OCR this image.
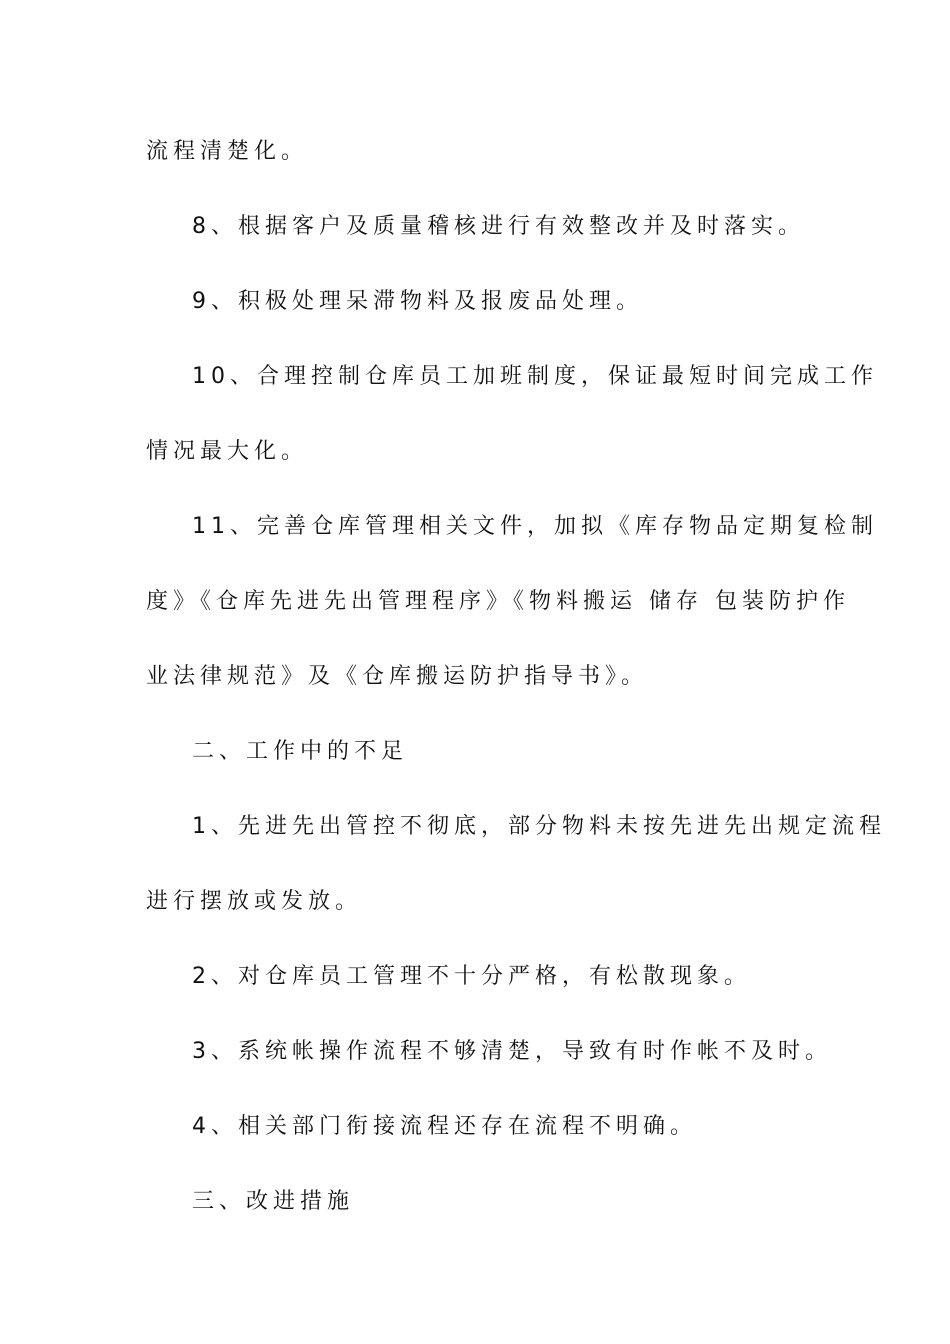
流程清楚化。

8、根据客户及质量稽核进行有效整改并及时落实。

9、积极处理呆滞物料及报废品处理。

10、合理控制仓库员工加班制度，保证最短时间完成工作

情况最大化。

11、完善仓库管理相关文件，加拟《库存物品定期复检制

度》《仓库先进先出管理程序》《物料搬运 储存 包装防护作

业法律规范》及《仓库搬运防护指导书》。

二、工作中的不足

1、先进先出管控不彻底，部分物料未按先进先出规定流程

进行摆放或发放。

2、对仓库员工管理不十分严格，有松散现象。

3、系统帐操作流程不够清楚，导致有时作帐不及时。

4、相关部门衔接流程还存在流程不明确。

三、改进措施
